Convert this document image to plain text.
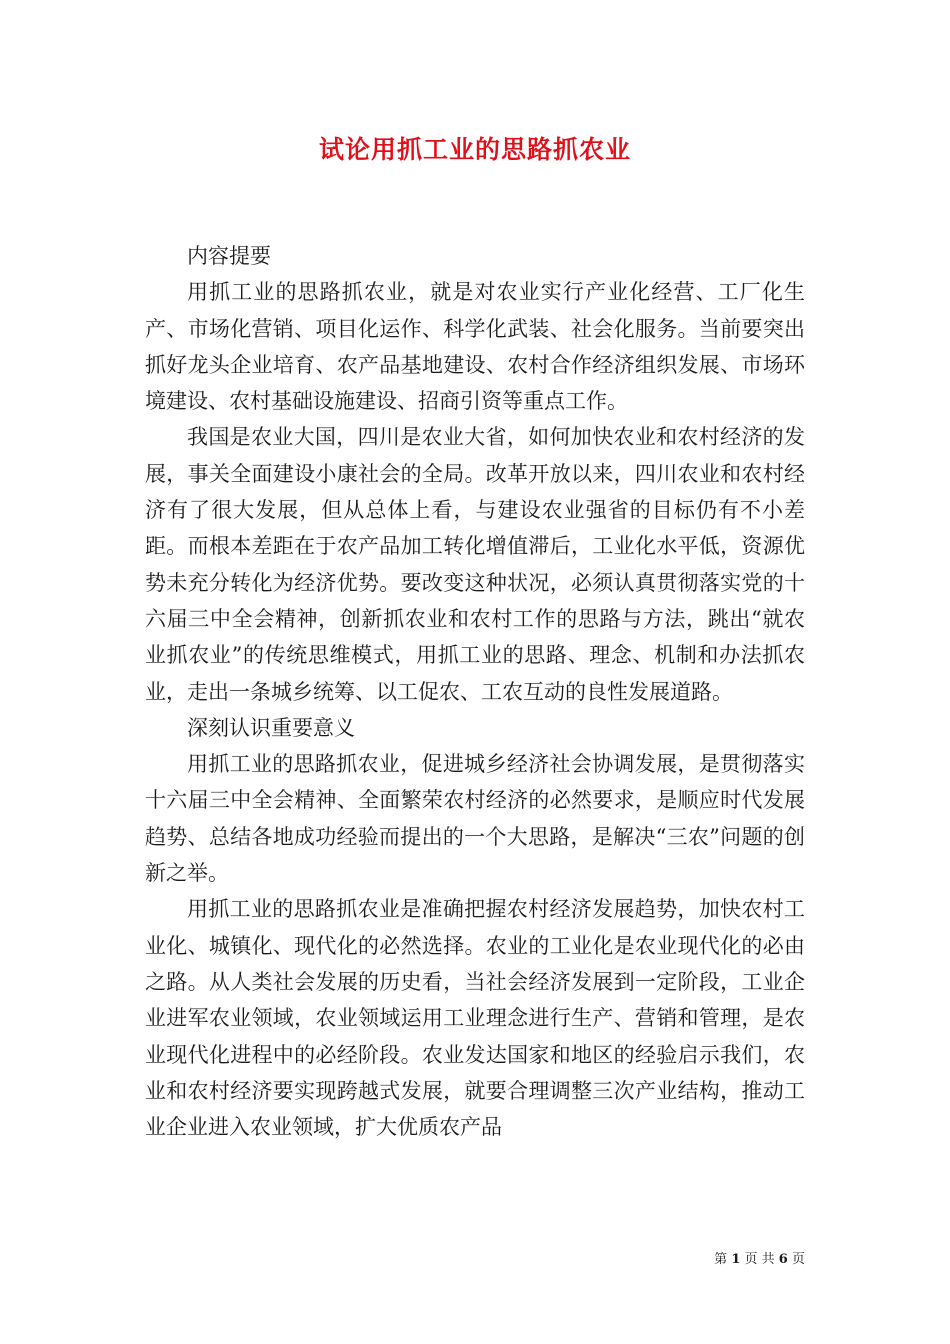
试论用抓工业的思路抓农业

内容提要

用抓工业的思路抓农业，就是对农业实行产业化经营、工厂化生产、市场化营销、项目化运作、科学化武装、社会化服务。当前要突出抓好龙头企业培育、农产品基地建设、农村合作经济组织发展、市场环境建设、农村基础设施建设、招商引资等重点工作。

我国是农业大国，四川是农业大省，如何加快农业和农村经济的发展，事关全面建设小康社会的全局。改革开放以来，四川农业和农村经济有了很大发展，但从总体上看，与建设农业强省的目标仍有不小差距。而根本差距在于农产品加工转化增值滞后，工业化水平低，资源优势未充分转化为经济优势。要改变这种状况，必须认真贯彻落实党的十六届三中全会精神，创新抓农业和农村工作的思路与方法，跳出“就农业抓农业”的传统思维模式，用抓工业的思路、理念、机制和办法抓农业，走出一条城乡统筹、以工促农、工农互动的良性发展道路。

深刻认识重要意义

用抓工业的思路抓农业，促进城乡经济社会协调发展，是贯彻落实十六届三中全会精神、全面繁荣农村经济的必然要求，是顺应时代发展趋势、总结各地成功经验而提出的一个大思路，是解决“三农”问题的创新之举。

用抓工业的思路抓农业是准确把握农村经济发展趋势，加快农村工业化、城镇化、现代化的必然选择。农业的工业化是农业现代化的必由之路。从人类社会发展的历史看，当社会经济发展到一定阶段，工业企业进军农业领域，农业领域运用工业理念进行生产、营销和管理，是农业现代化进程中的必经阶段。农业发达国家和地区的经验启示我们，农业和农村经济要实现跨越式发展，就要合理调整三次产业结构，推动工业企业进入农业领域，扩大优质农产品

第 1 页 共 6 页
